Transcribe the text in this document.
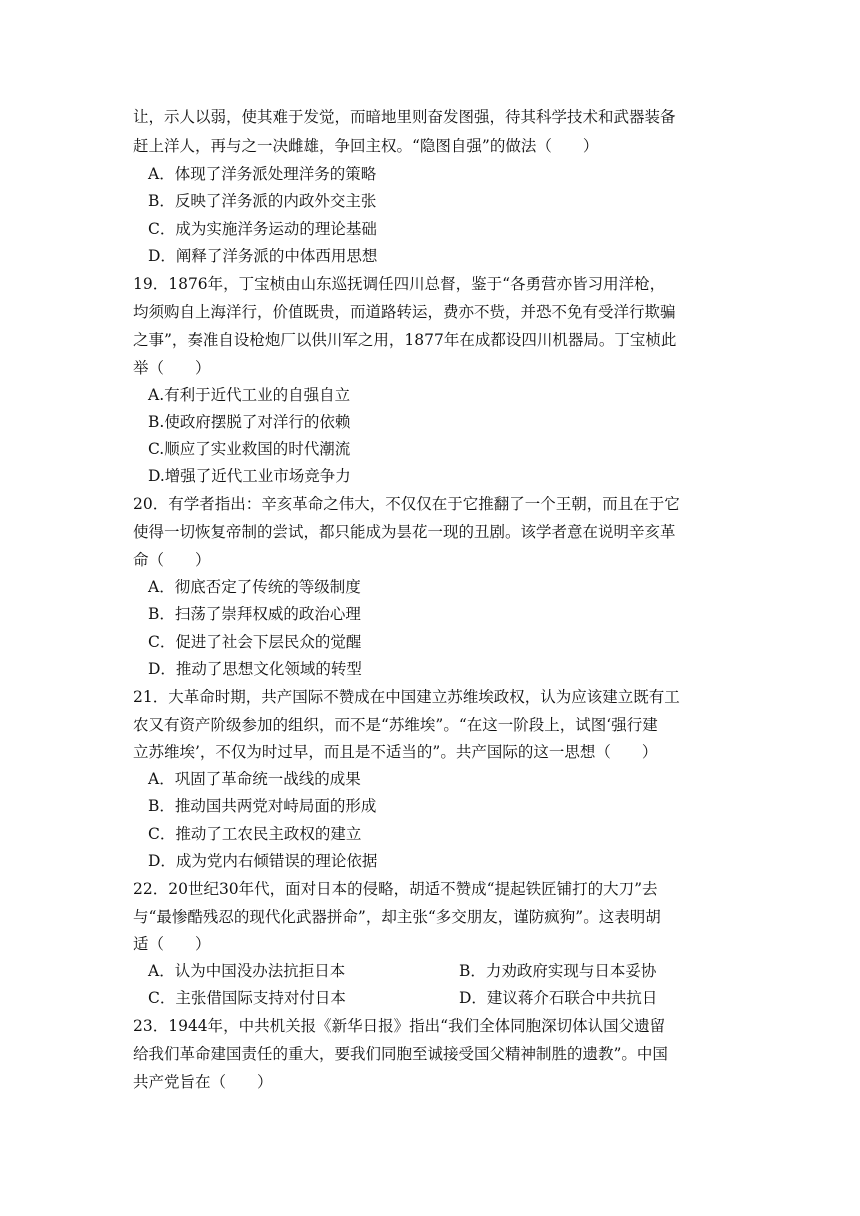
让，示人以弱，使其难于发觉，而暗地里则奋发图强，待其科学技术和武器装备
赶上洋人，再与之一决雌雄，争回主权。“隐图自强”的做法（　　）
A．体现了洋务派处理洋务的策略
B．反映了洋务派的内政外交主张
C．成为实施洋务运动的理论基础
D．阐释了洋务派的中体西用思想
19．1876年，丁宝桢由山东巡抚调任四川总督，鉴于“各勇营亦皆习用洋枪，
均须购自上海洋行，价值既贵，而道路转运，费亦不赀，并恐不免有受洋行欺骗
之事”，奏准自设枪炮厂以供川军之用，1877年在成都设四川机器局。丁宝桢此
举（　　）
A.有利于近代工业的自强自立
B.使政府摆脱了对洋行的依赖
C.顺应了实业救国的时代潮流
D.增强了近代工业市场竞争力
20．有学者指出：辛亥革命之伟大，不仅仅在于它推翻了一个王朝，而且在于它
使得一切恢复帝制的尝试，都只能成为昙花一现的丑剧。该学者意在说明辛亥革
命（　　）
A．彻底否定了传统的等级制度
B．扫荡了崇拜权威的政治心理
C．促进了社会下层民众的觉醒
D．推动了思想文化领域的转型
21．大革命时期，共产国际不赞成在中国建立苏维埃政权，认为应该建立既有工
农又有资产阶级参加的组织，而不是“苏维埃”。“在这一阶段上，试图‘强行建
立苏维埃’，不仅为时过早，而且是不适当的”。共产国际的这一思想（　　）
A．巩固了革命统一战线的成果
B．推动国共两党对峙局面的形成
C．推动了工农民主政权的建立
D．成为党内右倾错误的理论依据
22．20世纪30年代，面对日本的侵略，胡适不赞成“提起铁匠铺打的大刀”去
与“最惨酷残忍的现代化武器拼命”，却主张“多交朋友，谨防疯狗”。这表明胡
适（　　）
A．认为中国没办法抗拒日本	B．力劝政府实现与日本妥协
C．主张借国际支持对付日本	D．建议蒋介石联合中共抗日
23．1944年，中共机关报《新华日报》指出“我们全体同胞深切体认国父遗留
给我们革命建国责任的重大，要我们同胞至诚接受国父精神制胜的遗教”。中国
共产党旨在（　　）
